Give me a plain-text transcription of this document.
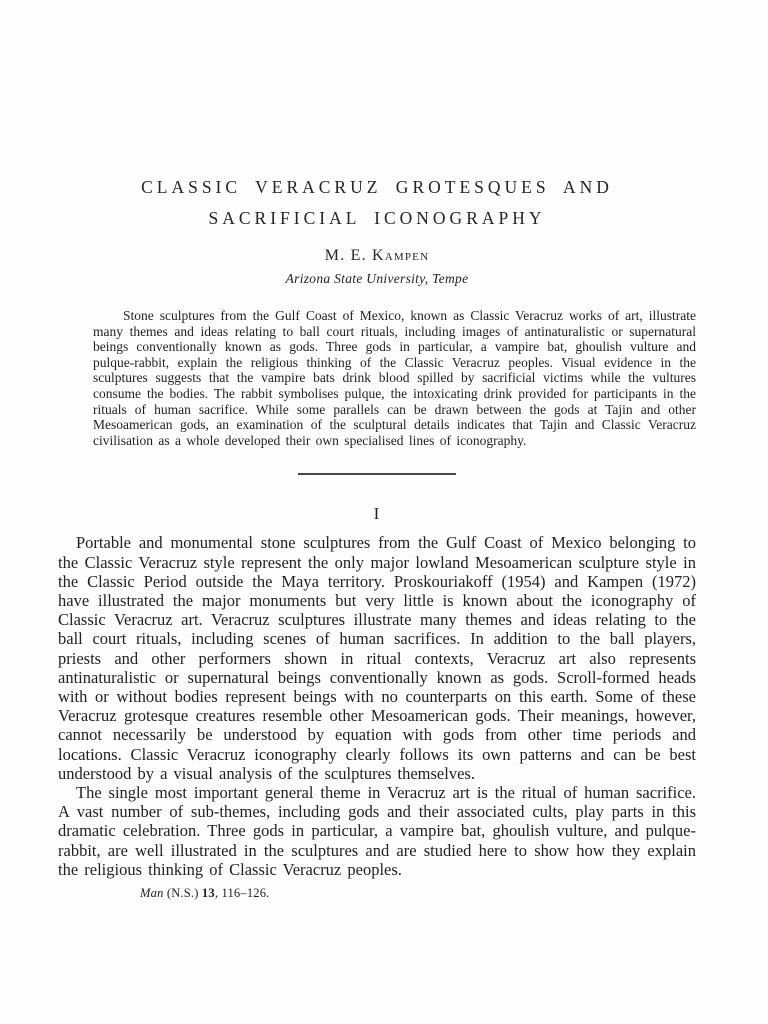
CLASSIC VERACRUZ GROTESQUES AND
SACRIFICIAL ICONOGRAPHY
M. E. Kampen
Arizona State University, Tempe

Stone sculptures from the Gulf Coast of Mexico, known as Classic Veracruz works of art, illustrate many themes and ideas relating to ball court rituals, including images of antinaturalistic or supernatural beings conventionally known as gods. Three gods in particular, a vampire bat, ghoulish vulture and pulque-rabbit, explain the religious thinking of the Classic Veracruz peoples. Visual evidence in the sculptures suggests that the vampire bats drink blood spilled by sacrificial victims while the vultures consume the bodies. The rabbit symbolises pulque, the intoxicating drink provided for participants in the rituals of human sacrifice. While some parallels can be drawn between the gods at Tajin and other Mesoamerican gods, an examination of the sculptural details indicates that Tajin and Classic Veracruz civilisation as a whole developed their own specialised lines of iconography.

I

Portable and monumental stone sculptures from the Gulf Coast of Mexico belonging to the Classic Veracruz style represent the only major lowland Mesoamerican sculpture style in the Classic Period outside the Maya territory. Proskouriakoff (1954) and Kampen (1972) have illustrated the major monuments but very little is known about the iconography of Classic Veracruz art. Veracruz sculptures illustrate many themes and ideas relating to the ball court rituals, including scenes of human sacrifices. In addition to the ball players, priests and other performers shown in ritual contexts, Veracruz art also represents antinaturalistic or supernatural beings conventionally known as gods. Scroll-formed heads with or without bodies represent beings with no counterparts on this earth. Some of these Veracruz grotesque creatures resemble other Mesoamerican gods. Their meanings, however, cannot necessarily be understood by equation with gods from other time periods and locations. Classic Veracruz iconography clearly follows its own patterns and can be best understood by a visual analysis of the sculptures themselves.

The single most important general theme in Veracruz art is the ritual of human sacrifice. A vast number of sub-themes, including gods and their associated cults, play parts in this dramatic celebration. Three gods in particular, a vampire bat, ghoulish vulture, and pulque-rabbit, are well illustrated in the sculptures and are studied here to show how they explain the religious thinking of Classic Veracruz peoples.

Man (N.S.) 13, 116–126.
